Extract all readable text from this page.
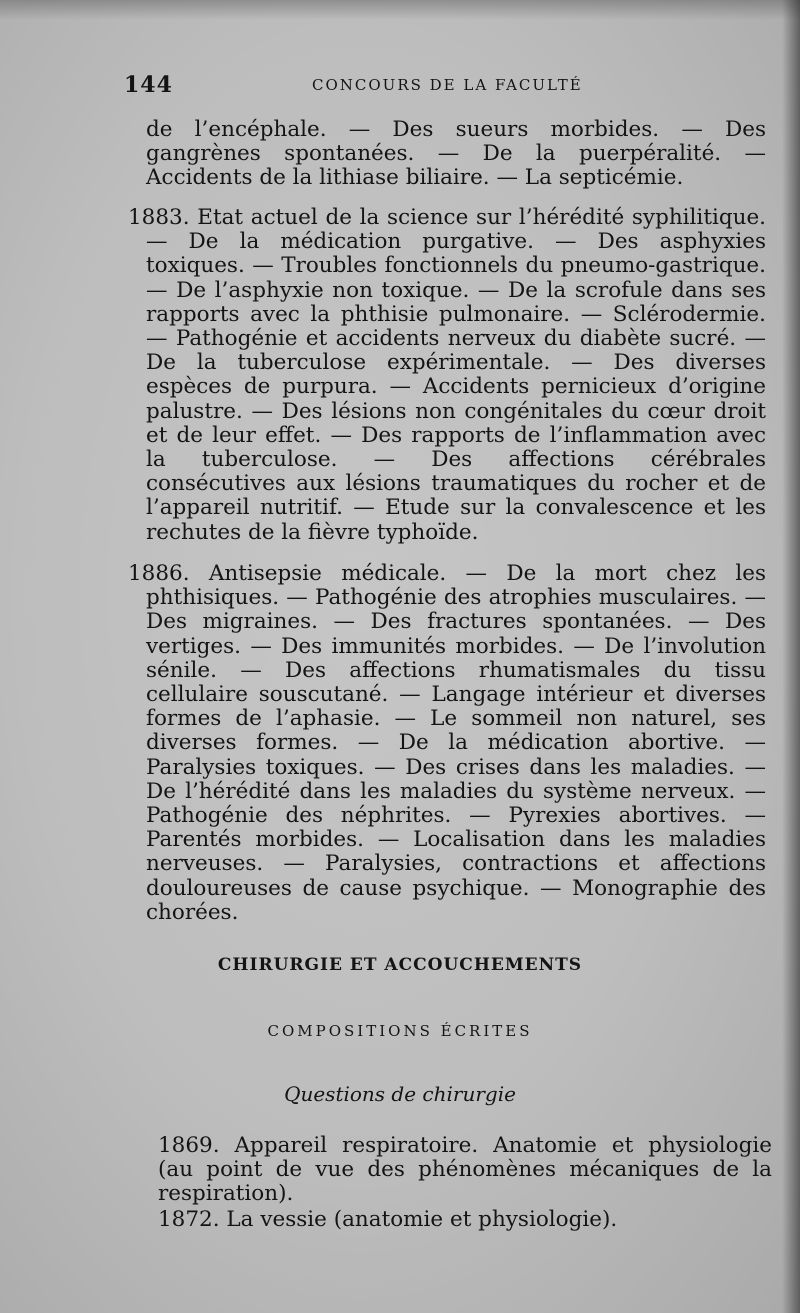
144	CONCOURS DE LA FACULTÉ
de l’encéphale. — Des sueurs morbides. — Des gangrènes spontanées. — De la puerpéralité. — Accidents de la lithiase biliaire. — La septicémie.
1883. Etat actuel de la science sur l’hérédité syphilitique. — De la médication purgative. — Des asphyxies toxiques. — Troubles fonctionnels du pneumo-gastrique. — De l’asphyxie non toxique. — De la scrofule dans ses rapports avec la phthisie pulmonaire. — Sclérodermie. — Pathogénie et accidents nerveux du diabète sucré. — De la tuberculose expérimentale. — Des diverses espèces de purpura. — Accidents pernicieux d’origine palustre. — Des lésions non congénitales du cœur droit et de leur effet. — Des rapports de l’inflammation avec la tuberculose. — Des affections cérébrales consécutives aux lésions traumatiques du rocher et de l’appareil nutritif. — Etude sur la convalescence et les rechutes de la fièvre typhoïde.
1886. Antisepsie médicale. — De la mort chez les phthisiques. — Pathogénie des atrophies musculaires. — Des migraines. — Des fractures spontanées. — Des vertiges. — Des immunités morbides. — De l’involution sénile. — Des affections rhumatismales du tissu cellulaire souscutané. — Langage intérieur et diverses formes de l’aphasie. — Le sommeil non naturel, ses diverses formes. — De la médication abortive. — Paralysies toxiques. — Des crises dans les maladies. — De l’hérédité dans les maladies du système nerveux. — Pathogénie des néphrites. — Pyrexies abortives. — Parentés morbides. — Localisation dans les maladies nerveuses. — Paralysies, contractions et affections douloureuses de cause psychique. — Monographie des chorées.
CHIRURGIE ET ACCOUCHEMENTS
COMPOSITIONS ÉCRITES
Questions de chirurgie
1869. Appareil respiratoire. Anatomie et physiologie (au point de vue des phénomènes mécaniques de la respiration).
1872. La vessie (anatomie et physiologie).
